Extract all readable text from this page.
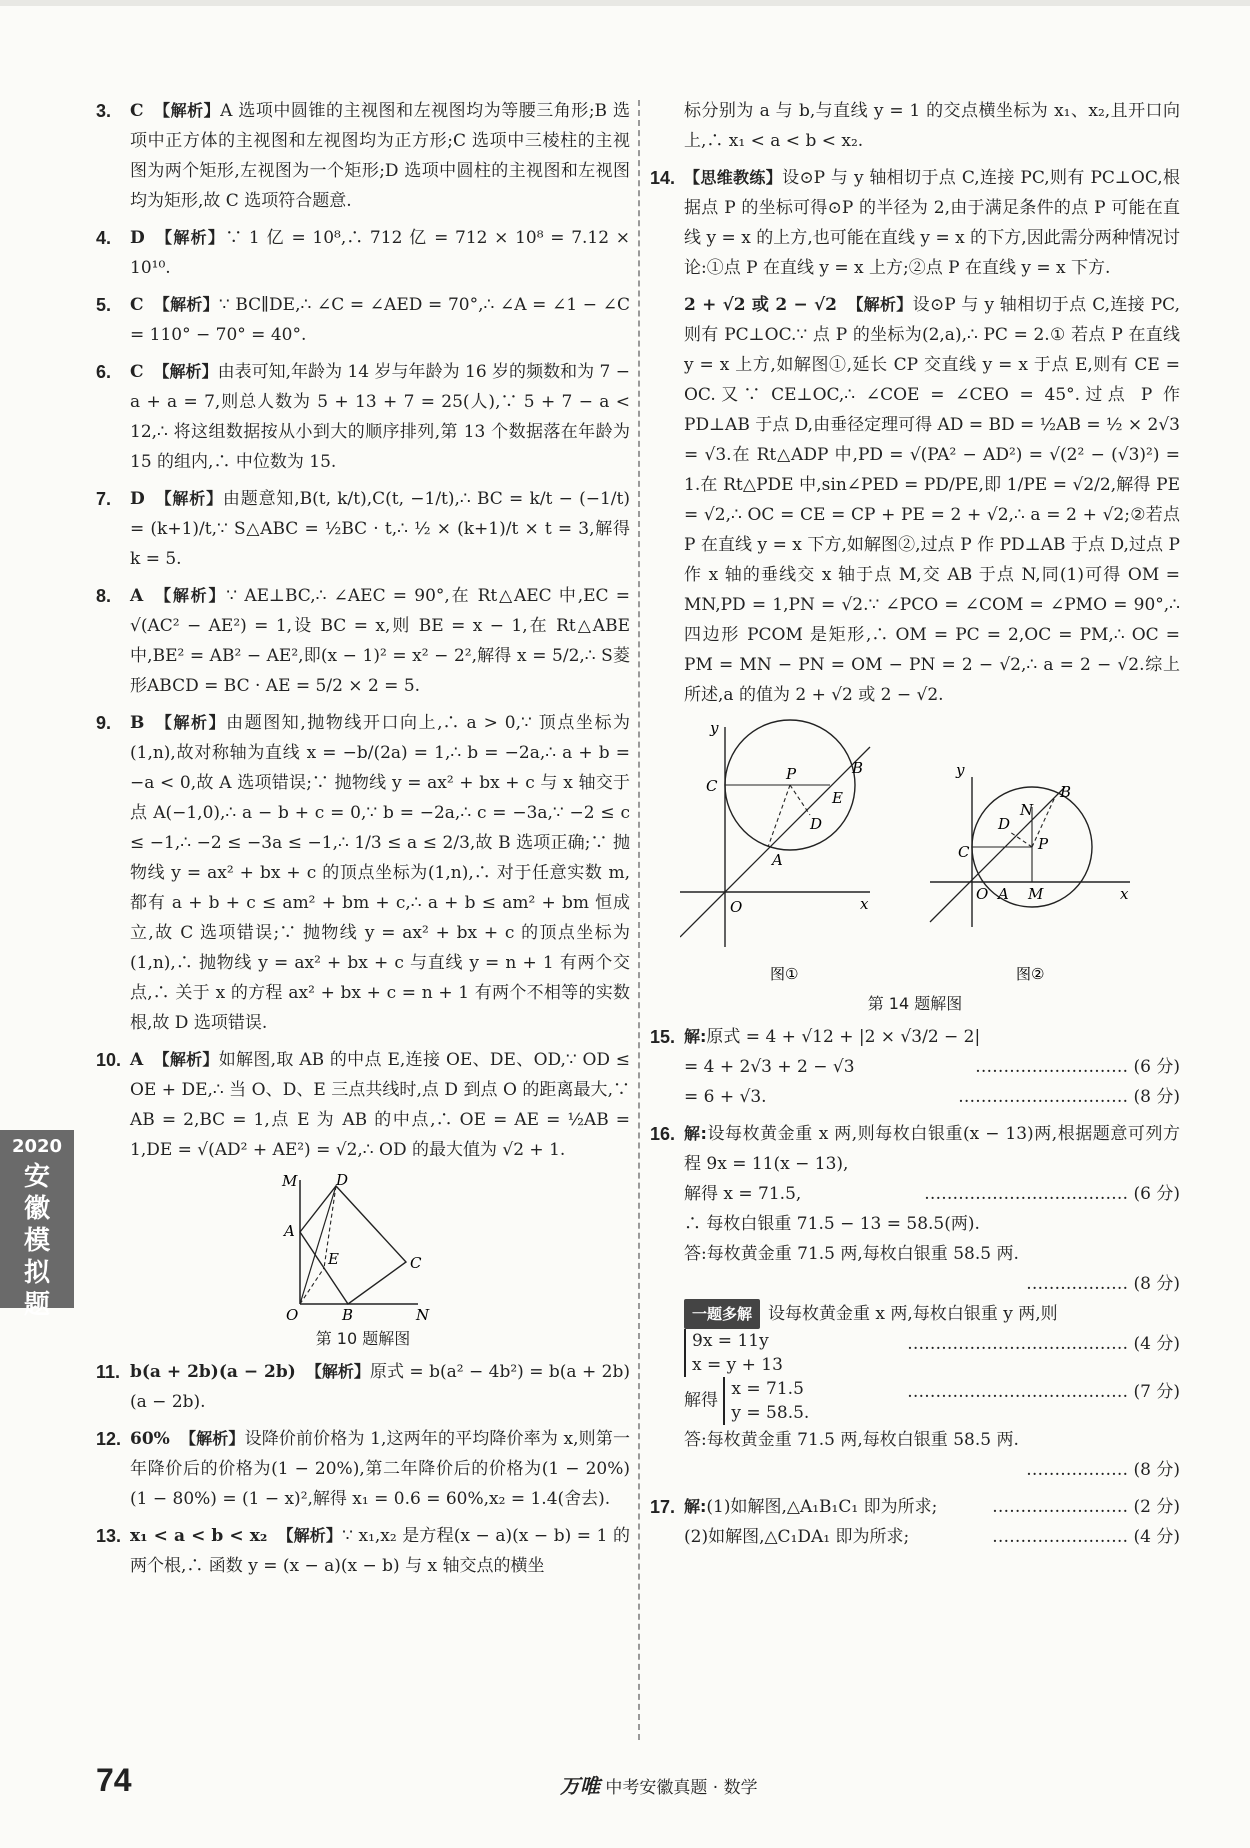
2020
安徽模拟题
3.	C 【解析】A 选项中圆锥的主视图和左视图均为等腰三角形;B 选项中正方体的主视图和左视图均为正方形;C 选项中三棱柱的主视图为两个矩形,左视图为一个矩形;D 选项中圆柱的主视图和左视图均为矩形,故 C 选项符合题意.
4.	D 【解析】∵ 1 亿 = 10⁸,∴ 712 亿 = 712 × 10⁸ = 7.12 × 10¹⁰.
5.	C 【解析】∵ BC∥DE,∴ ∠C = ∠AED = 70°,∴ ∠A = ∠1 − ∠C = 110° − 70° = 40°.
6.	C 【解析】由表可知,年龄为 14 岁与年龄为 16 岁的频数和为 7 − a + a = 7,则总人数为 5 + 13 + 7 = 25(人),∵ 5 + 7 − a < 12,∴ 将这组数据按从小到大的顺序排列,第 13 个数据落在年龄为 15 的组内,∴ 中位数为 15.
7.	D 【解析】由题意知,B(t, k/t),C(t, −1/t),∴ BC = k/t − (−1/t) = (k+1)/t,∵ S△ABC = ½BC · t,∴ ½ × (k+1)/t × t = 3,解得 k = 5.
8.	A 【解析】∵ AE⊥BC,∴ ∠AEC = 90°,在 Rt△AEC 中,EC = √(AC² − AE²) = 1,设 BC = x,则 BE = x − 1,在 Rt△ABE 中,BE² = AB² − AE²,即(x − 1)² = x² − 2²,解得 x = 5/2,∴ S菱形ABCD = BC · AE = 5/2 × 2 = 5.
9.	B 【解析】由题图知,抛物线开口向上,∴ a > 0,∵ 顶点坐标为(1,n),故对称轴为直线 x = −b/(2a) = 1,∴ b = −2a,∴ a + b = −a < 0,故 A 选项错误;∵ 抛物线 y = ax² + bx + c 与 x 轴交于点 A(−1,0),∴ a − b + c = 0,∵ b = −2a,∴ c = −3a,∵ −2 ≤ c ≤ −1,∴ −2 ≤ −3a ≤ −1,∴ 1/3 ≤ a ≤ 2/3,故 B 选项正确;∵ 抛物线 y = ax² + bx + c 的顶点坐标为(1,n),∴ 对于任意实数 m,都有 a + b + c ≤ am² + bm + c,∴ a + b ≤ am² + bm 恒成立,故 C 选项错误;∵ 抛物线 y = ax² + bx + c 的顶点坐标为(1,n),∴ 抛物线 y = ax² + bx + c 与直线 y = n + 1 有两个交点,∴ 关于 x 的方程 ax² + bx + c = n + 1 有两个不相等的实数根,故 D 选项错误.
10. A 【解析】如解图,取 AB 的中点 E,连接 OE、DE、OD,∵ OD ≤ OE + DE,∴ 当 O、D、E 三点共线时,点 D 到点 O 的距离最大,∵ AB = 2,BC = 1,点 E 为 AB 的中点,∴ OE = AE = ½AB = 1,DE = √(AD² + AE²) = √2,∴ OD 的最大值为 √2 + 1.
M	D
A
E	C
O	B	N
第 10 题解图
11. b(a + 2b)(a − 2b) 【解析】原式 = b(a² − 4b²) = b(a + 2b)(a − 2b).
12. 60% 【解析】设降价前价格为 1,这两年的平均降价率为 x,则第一年降价后的价格为(1 − 20%),第二年降价后的价格为(1 − 20%)(1 − 80%) = (1 − x)²,解得 x₁ = 0.6 = 60%,x₂ = 1.4(舍去).
13. x₁ < a < b < x₂ 【解析】∵ x₁,x₂ 是方程(x − a)(x − b) = 1 的两个根,∴ 函数 y = (x − a)(x − b) 与 x 轴交点的横坐
标分别为 a 与 b,与直线 y = 1 的交点横坐标为 x₁、x₂,且开口向上,∴ x₁ < a < b < x₂.
14. 【思维教练】设⊙P 与 y 轴相切于点 C,连接 PC,则有 PC⊥OC,根据点 P 的坐标可得⊙P 的半径为 2,由于满足条件的点 P 可能在直线 y = x 的上方,也可能在直线 y = x 的下方,因此需分两种情况讨论:①点 P 在直线 y = x 上方;②点 P 在直线 y = x 下方.
2 + √2 或 2 − √2 【解析】设⊙P 与 y 轴相切于点 C,连接 PC,则有 PC⊥OC.∵ 点 P 的坐标为(2,a),∴ PC = 2.① 若点 P 在直线 y = x 上方,如解图①,延长 CP 交直线 y = x 于点 E,则有 CE = OC.又∵ CE⊥OC,∴ ∠COE = ∠CEO = 45°.过点 P 作 PD⊥AB 于点 D,由垂径定理可得 AD = BD = ½AB = ½ × 2√3 = √3.在 Rt△ADP 中,PD = √(PA² − AD²) = √(2² − (√3)²) = 1.在 Rt△PDE 中,sin∠PED = PD/PE,即 1/PE = √2/2,解得 PE = √2,∴ OC = CE = CP + PE = 2 + √2,∴ a = 2 + √2;②若点 P 在直线 y = x 下方,如解图②,过点 P 作 PD⊥AB 于点 D,过点 P 作 x 轴的垂线交 x 轴于点 M,交 AB 于点 N,同(1)可得 OM = MN,PD = 1,PN = √2.∵ ∠PCO = ∠COM = ∠PMO = 90°,∴ 四边形 PCOM 是矩形,∴ OM = PC = 2,OC = PM,∴ OC = PM = MN − PN = OM − PN = 2 − √2,∴ a = 2 − √2.综上所述,a 的值为 2 + √2 或 2 − √2.
O	x
y
C
P	B
E
D
A
图①
y
x
C
O A M
P
B
N
D
图②
第 14 题解图
15. 解:原式 = 4 + √12 + |2 × √3/2 − 2|
= 4 + 2√3 + 2 − √3	……………………… (6 分)
= 6 + √3.	………………………… (8 分)
16. 解:设每枚黄金重 x 两,则每枚白银重(x − 13)两,根据题意可列方程 9x = 11(x − 13),
解得 x = 71.5,	……………………………… (6 分)
∴ 每枚白银重 71.5 − 13 = 58.5(两).
答:每枚黄金重 71.5 两,每枚白银重 58.5 两.
……………… (8 分)
一题多解 设每枚黄金重 x 两,每枚白银重 y 两,则
9x = 11y
x = y + 13
………………………………… (4 分)
解得 x = 71.5
y = 58.5.
………………………………… (7 分)
答:每枚黄金重 71.5 两,每枚白银重 58.5 两.
……………… (8 分)
17. 解:(1)如解图,△A₁B₁C₁ 即为所求;	…………………… (2 分)
(2)如解图,△C₁DA₁ 即为所求;	…………………… (4 分)
74	万唯 中考安徽真题 · 数学
